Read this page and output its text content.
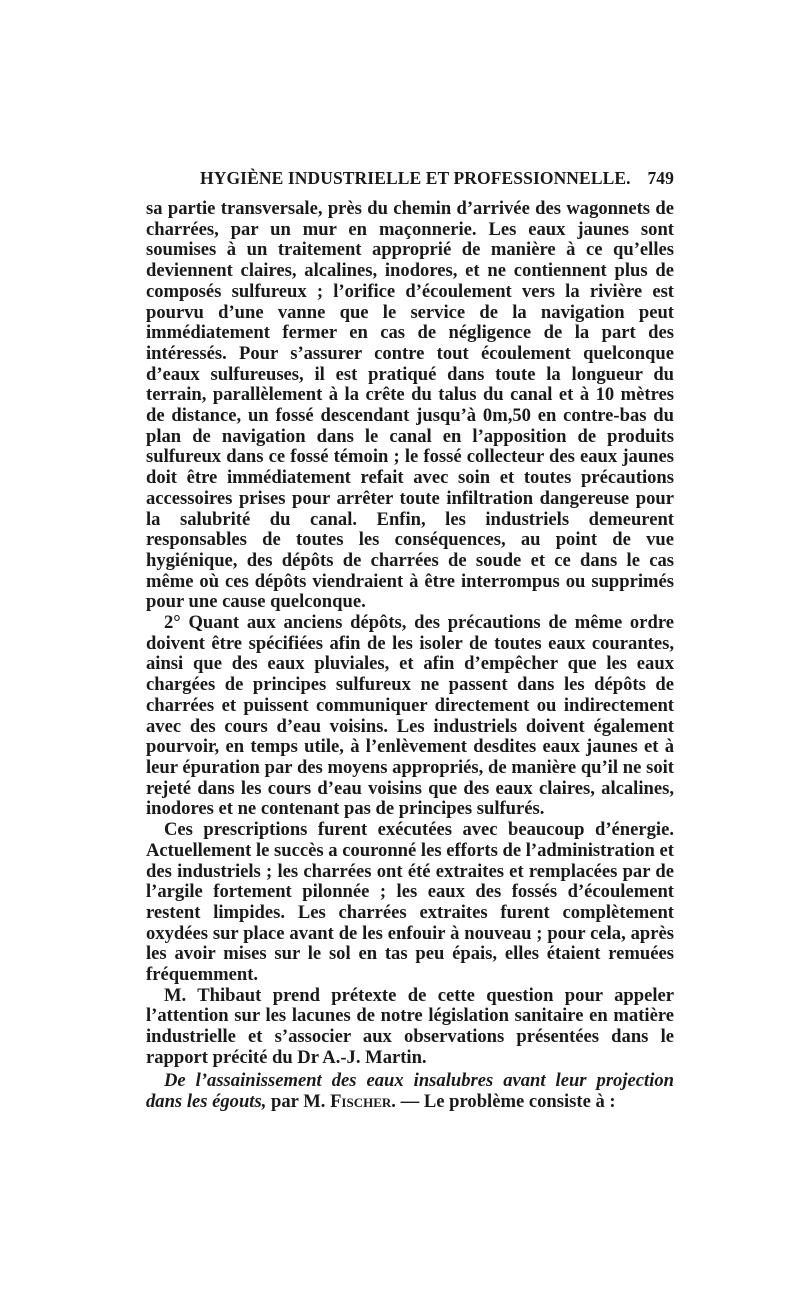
HYGIÈNE INDUSTRIELLE ET PROFESSIONNELLE. 749

sa partie transversale, près du chemin d’arrivée des wagonnets de charrées, par un mur en maçonnerie. Les eaux jaunes sont soumises à un traitement approprié de manière à ce qu’elles deviennent claires, alcalines, inodores, et ne contiennent plus de composés sulfureux ; l’orifice d’écoulement vers la rivière est pourvu d’une vanne que le service de la navigation peut immédiatement fermer en cas de négligence de la part des intéressés. Pour s’assurer contre tout écoulement quelconque d’eaux sulfureuses, il est pratiqué dans toute la longueur du terrain, parallèlement à la crête du talus du canal et à 10 mètres de distance, un fossé descendant jusqu’à 0m,50 en contre-bas du plan de navigation dans le canal en l’apposition de produits sulfureux dans ce fossé témoin ; le fossé collecteur des eaux jaunes doit être immédiatement refait avec soin et toutes précautions accessoires prises pour arrêter toute infiltration dangereuse pour la salubrité du canal. Enfin, les industriels demeurent responsables de toutes les conséquences, au point de vue hygiénique, des dépôts de charrées de soude et ce dans le cas même où ces dépôts viendraient à être interrompus ou supprimés pour une cause quelconque.

2° Quant aux anciens dépôts, des précautions de même ordre doivent être spécifiées afin de les isoler de toutes eaux courantes, ainsi que des eaux pluviales, et afin d’empêcher que les eaux chargées de principes sulfureux ne passent dans les dépôts de charrées et puissent communiquer directement ou indirectement avec des cours d’eau voisins. Les industriels doivent également pourvoir, en temps utile, à l’enlèvement desdites eaux jaunes et à leur épuration par des moyens appropriés, de manière qu’il ne soit rejeté dans les cours d’eau voisins que des eaux claires, alcalines, inodores et ne contenant pas de principes sulfurés.

Ces prescriptions furent exécutées avec beaucoup d’énergie. Actuellement le succès a couronné les efforts de l’administration et des industriels ; les charrées ont été extraites et remplacées par de l’argile fortement pilonnée ; les eaux des fossés d’écoulement restent limpides. Les charrées extraites furent complètement oxydées sur place avant de les enfouir à nouveau ; pour cela, après les avoir mises sur le sol en tas peu épais, elles étaient remuées fréquemment.

M. Thibaut prend prétexte de cette question pour appeler l’attention sur les lacunes de notre législation sanitaire en matière industrielle et s’associer aux observations présentées dans le rapport précité du Dr A.-J. Martin.

De l’assainissement des eaux insalubres avant leur projection dans les égouts, par M. Fischer. — Le problème consiste à :
